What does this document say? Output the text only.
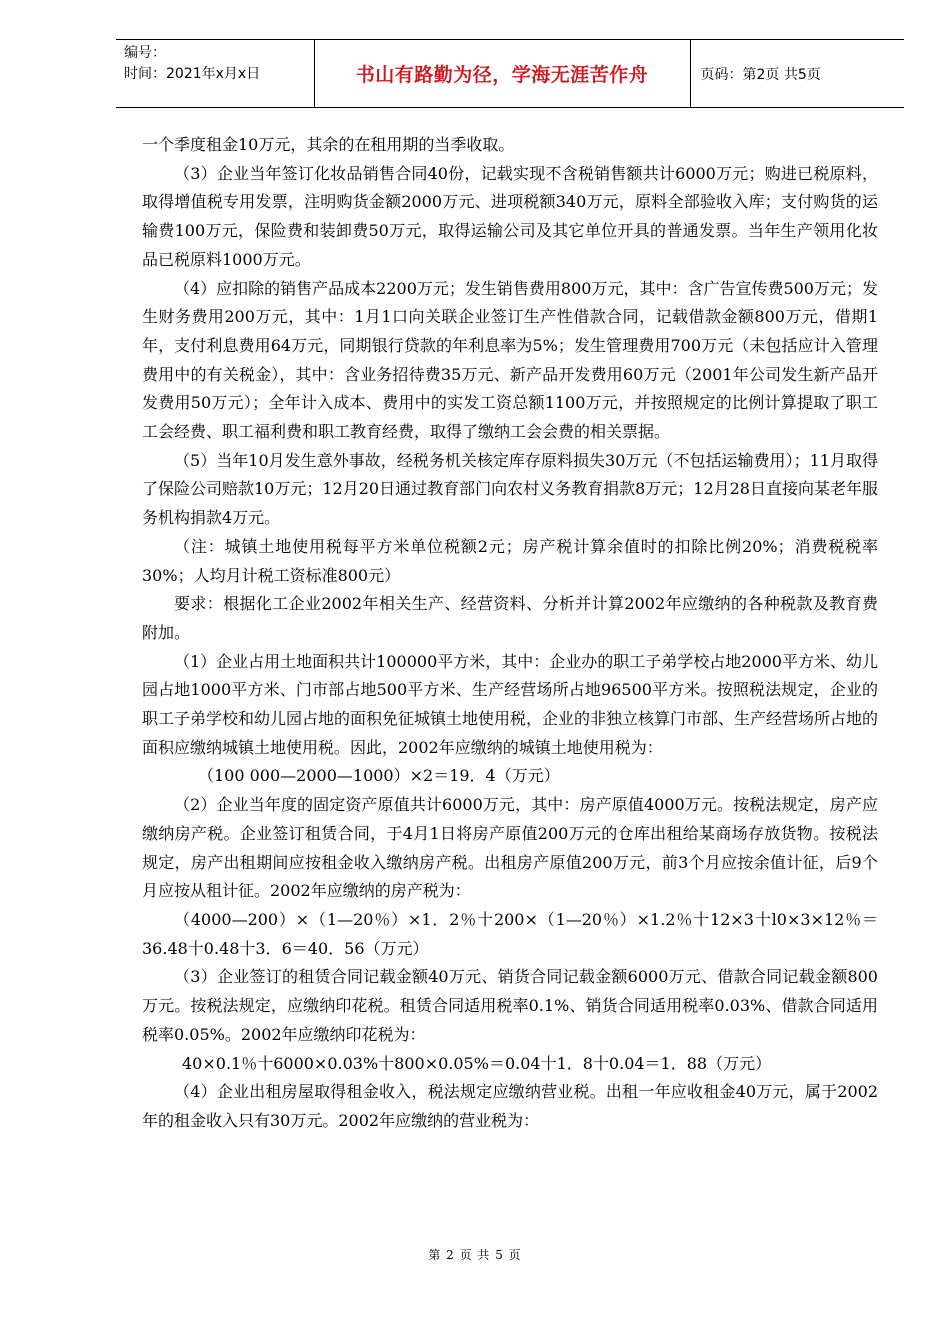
编号：
时间：2021年x月x日	书山有路勤为径，学海无涯苦作舟	页码：第2页 共5页

一个季度租金10万元，其余的在租用期的当季收取。

（3）企业当年签订化妆品销售合同40份，记载实现不含税销售额共计6000万元；购进已税原料，取得增值税专用发票，注明购货金额2000万元、进项税额340万元，原料全部验收入库；支付购货的运输费100万元，保险费和装卸费50万元，取得运输公司及其它单位开具的普通发票。当年生产领用化妆品已税原料1000万元。

（4）应扣除的销售产品成本2200万元；发生销售费用800万元，其中：含广告宣传费500万元；发生财务费用200万元，其中：1月1口向关联企业签订生产性借款合同，记载借款金额800万元，借期1年，支付利息费用64万元，同期银行贷款的年利息率为5%；发生管理费用700万元（未包括应计入管理费用中的有关税金），其中：含业务招待费35万元、新产品开发费用60万元（2001年公司发生新产品开发费用50万元）；全年计入成本、费用中的实发工资总额1100万元，并按照规定的比例计算提取了职工工会经费、职工福利费和职工教育经费，取得了缴纳工会会费的相关票据。

（5）当年10月发生意外事故，经税务机关核定库存原料损失30万元（不包括运输费用）；11月取得了保险公司赔款10万元；12月20日通过教育部门向农村义务教育捐款8万元；12月28日直接向某老年服务机构捐款4万元。

（注：城镇土地使用税每平方米单位税额2元；房产税计算余值时的扣除比例20%；消费税税率30%；人均月计税工资标准800元）

要求：根据化工企业2002年相关生产、经营资料、分析并计算2002年应缴纳的各种税款及教育费附加。

（1）企业占用土地面积共计100000平方米，其中：企业办的职工子弟学校占地2000平方米、幼儿园占地1000平方米、门市部占地500平方米、生产经营场所占地96500平方米。按照税法规定，企业的职工子弟学校和幼儿园占地的面积免征城镇土地使用税，企业的非独立核算门市部、生产经营场所占地的面积应缴纳城镇土地使用税。因此，2002年应缴纳的城镇土地使用税为：

（100 000—2000—1000）×2＝19．4（万元）

（2）企业当年度的固定资产原值共计6000万元，其中：房产原值4000万元。按税法规定，房产应缴纳房产税。企业签订租赁合同，于4月1日将房产原值200万元的仓库出租给某商场存放货物。按税法规定，房产出租期间应按租金收入缴纳房产税。出租房产原值200万元，前3个月应按余值计征，后9个月应按从租计征。2002年应缴纳的房产税为：

（4000—200）×（1—20％）×1．2％十200×（1—20％）×1.2％十12×3十l0×3×12％＝36.48十0.48十3．6＝40．56（万元）

（3）企业签订的租赁合同记载金额40万元、销货合同记载金额6000万元、借款合同记载金额800万元。按税法规定，应缴纳印花税。租赁合同适用税率0.1%、销货合同适用税率0.03%、借款合同适用税率0.05%。2002年应缴纳印花税为：

40×0.1％十6000×0.03%十800×0.05%＝0.04十1．8十0.04＝1．88（万元）

（4）企业出租房屋取得租金收入，税法规定应缴纳营业税。出租一年应收租金40万元，属于2002年的租金收入只有30万元。2002年应缴纳的营业税为：

第 2 页 共 5 页
